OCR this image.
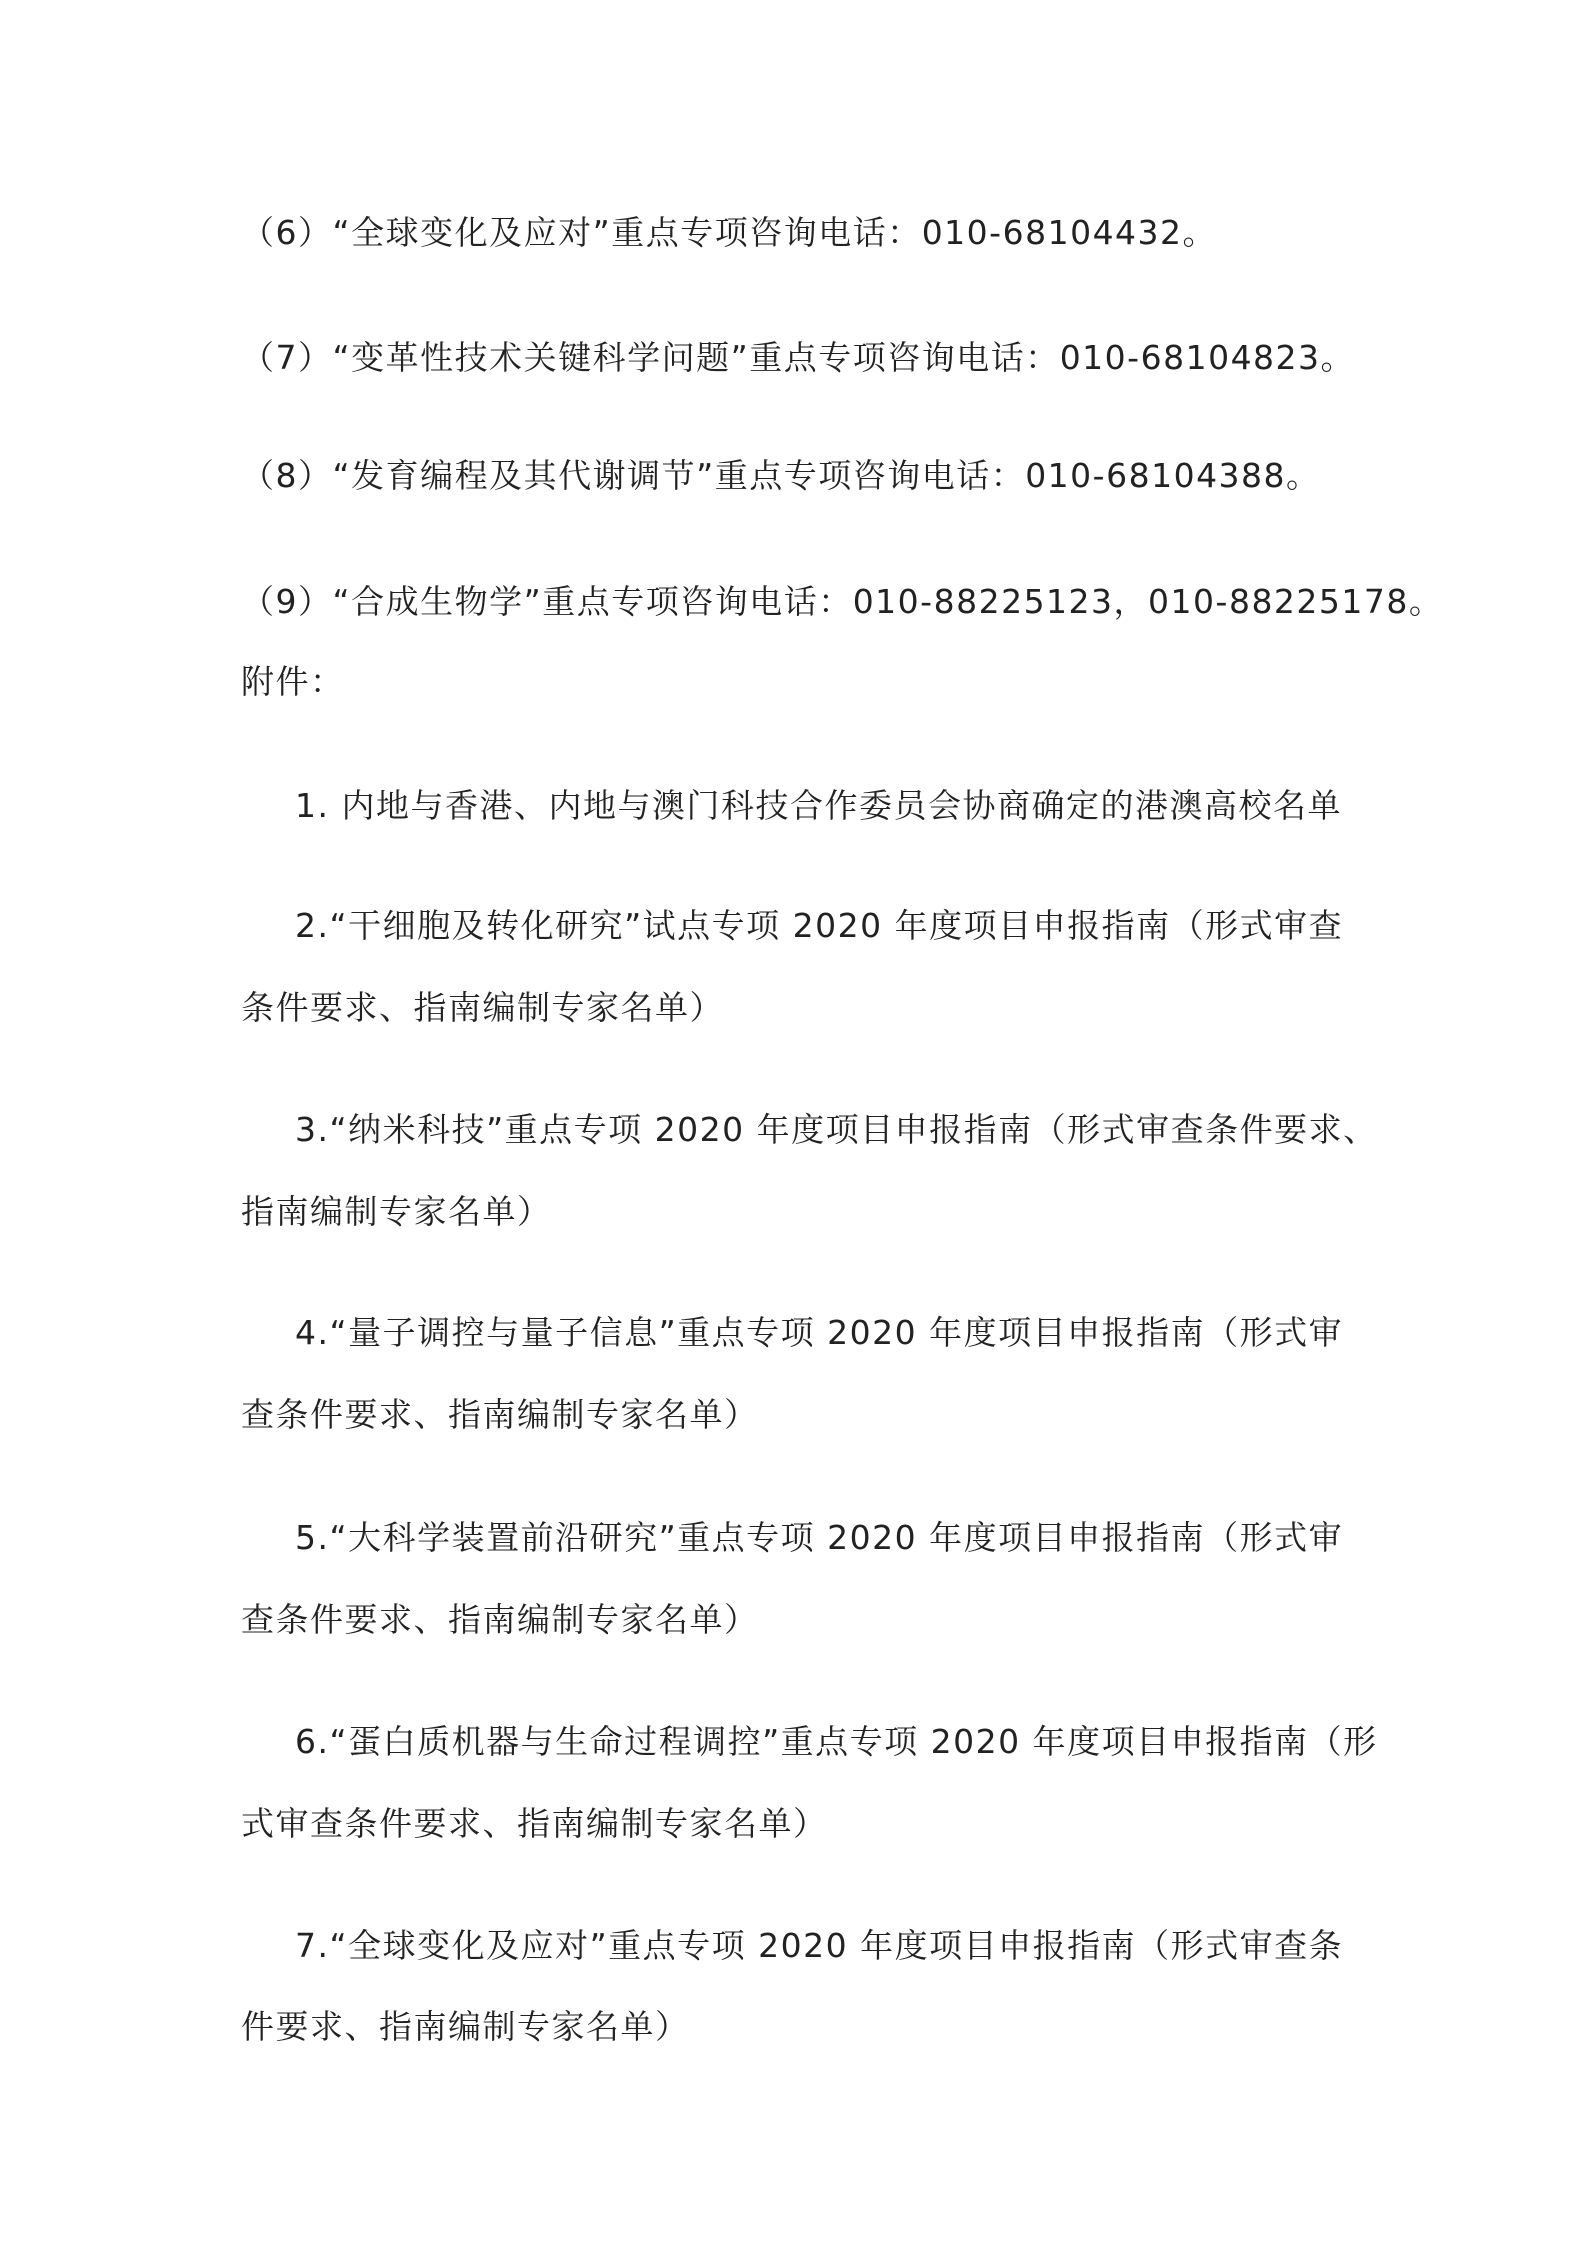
（6）“全球变化及应对”重点专项咨询电话：010-68104432。
（7）“变革性技术关键科学问题”重点专项咨询电话：010-68104823。
（8）“发育编程及其代谢调节”重点专项咨询电话：010-68104388。
（9）“合成生物学”重点专项咨询电话：010-88225123，010-88225178。
附件：
1. 内地与香港、内地与澳门科技合作委员会协商确定的港澳高校名单
2.“干细胞及转化研究”试点专项 2020 年度项目申报指南（形式审查
条件要求、指南编制专家名单）
3.“纳米科技”重点专项 2020 年度项目申报指南（形式审查条件要求、
指南编制专家名单）
4.“量子调控与量子信息”重点专项 2020 年度项目申报指南（形式审
查条件要求、指南编制专家名单）
5.“大科学装置前沿研究”重点专项 2020 年度项目申报指南（形式审
查条件要求、指南编制专家名单）
6.“蛋白质机器与生命过程调控”重点专项 2020 年度项目申报指南（形
式审查条件要求、指南编制专家名单）
7.“全球变化及应对”重点专项 2020 年度项目申报指南（形式审查条
件要求、指南编制专家名单）
